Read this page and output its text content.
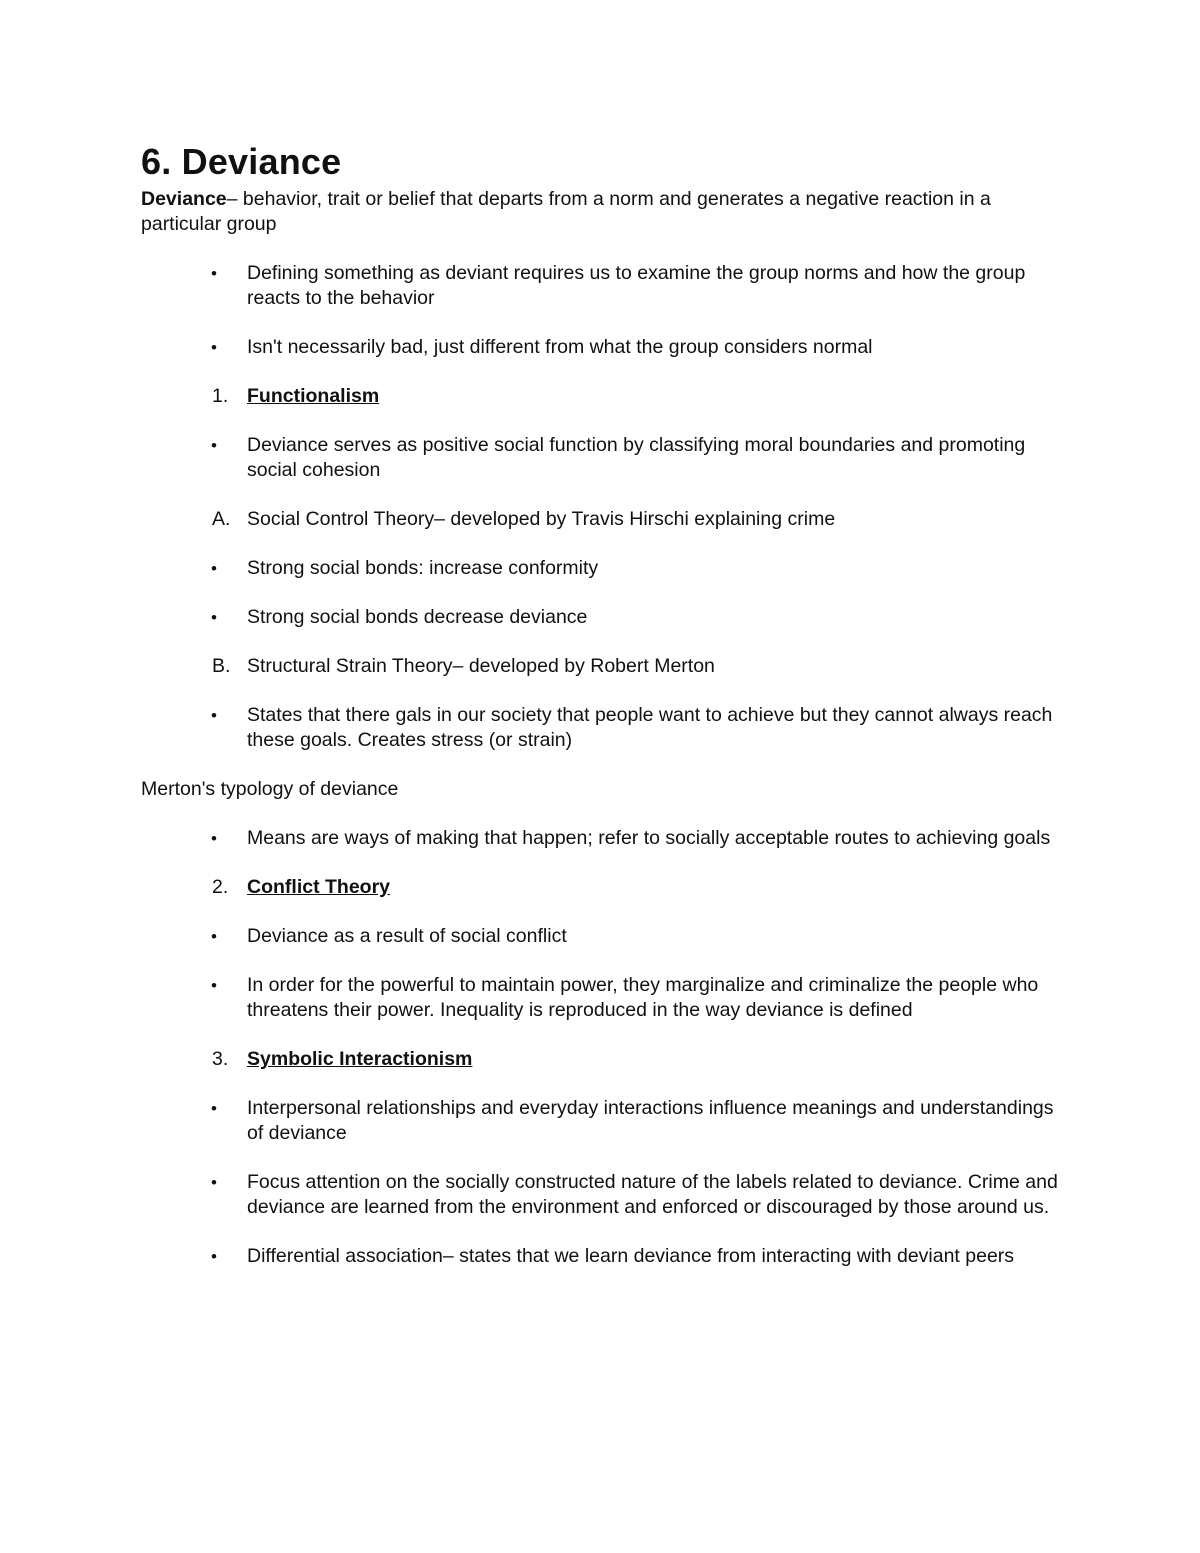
6. Deviance

Deviance– behavior, trait or belief that departs from a norm and generates a negative reaction in a particular group

•	Defining something as deviant requires us to examine the group norms and how the group reacts to the behavior
•	Isn't necessarily bad, just different from what the group considers normal
1. Functionalism
•	Deviance serves as positive social function by classifying moral boundaries and promoting social cohesion
A. Social Control Theory– developed by Travis Hirschi explaining crime
•	Strong social bonds: increase conformity
•	Strong social bonds decrease deviance
B. Structural Strain Theory– developed by Robert Merton
•	States that there gals in our society that people want to achieve but they cannot always reach these goals. Creates stress (or strain)

Merton's typology of deviance

•	Means are ways of making that happen; refer to socially acceptable routes to achieving goals
2. Conflict Theory
•	Deviance as a result of social conflict
•	In order for the powerful to maintain power, they marginalize and criminalize the people who threatens their power. Inequality is reproduced in the way deviance is defined
3. Symbolic Interactionism
•	Interpersonal relationships and everyday interactions influence meanings and understandings of deviance
•	Focus attention on the socially constructed nature of the labels related to deviance. Crime and deviance are learned from the environment and enforced or discouraged by those around us.
•	Differential association– states that we learn deviance from interacting with deviant peers
